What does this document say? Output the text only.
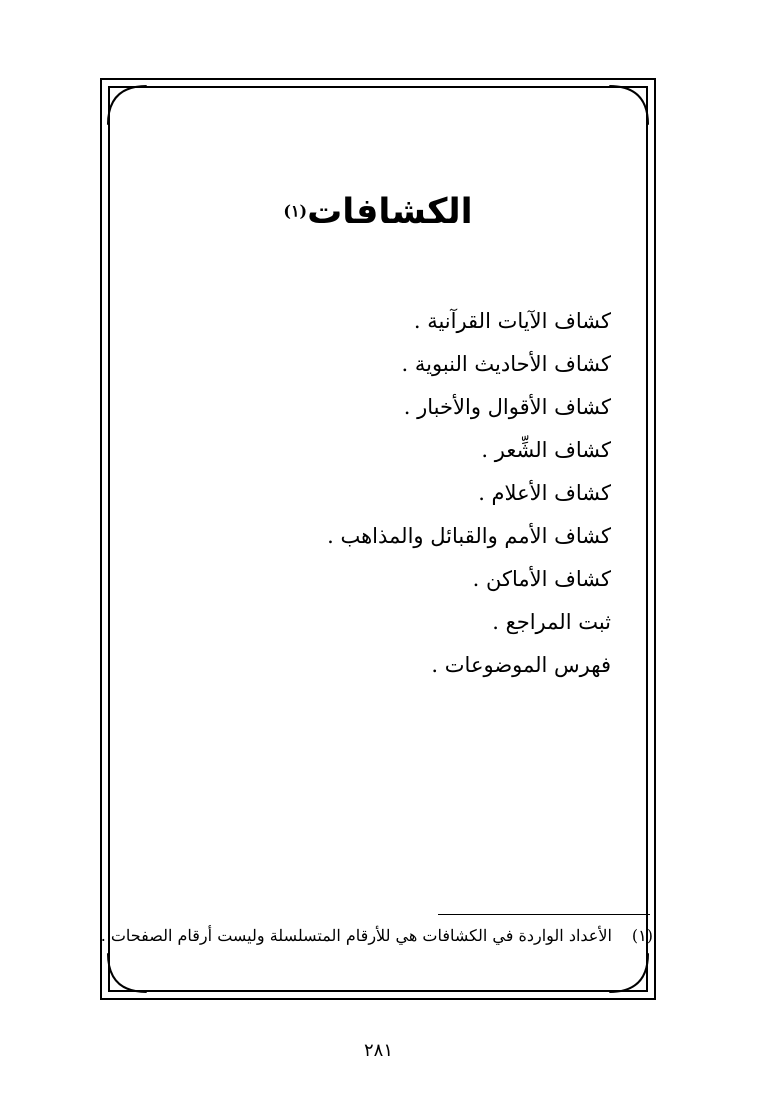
الكشافات(١)
كشاف الآيات القرآنية .
كشاف الأحاديث النبوية .
كشاف الأقوال والأخبار .
كشاف الشِّعر .
كشاف الأعلام .
كشاف الأمم والقبائل والمذاهب .
كشاف الأماكن .
ثبت المراجع .
فهرس الموضوعات .
(١)الأعداد الواردة في الكشافات هي للأرقام المتسلسلة وليست أرقام الصفحات .
٢٨١
